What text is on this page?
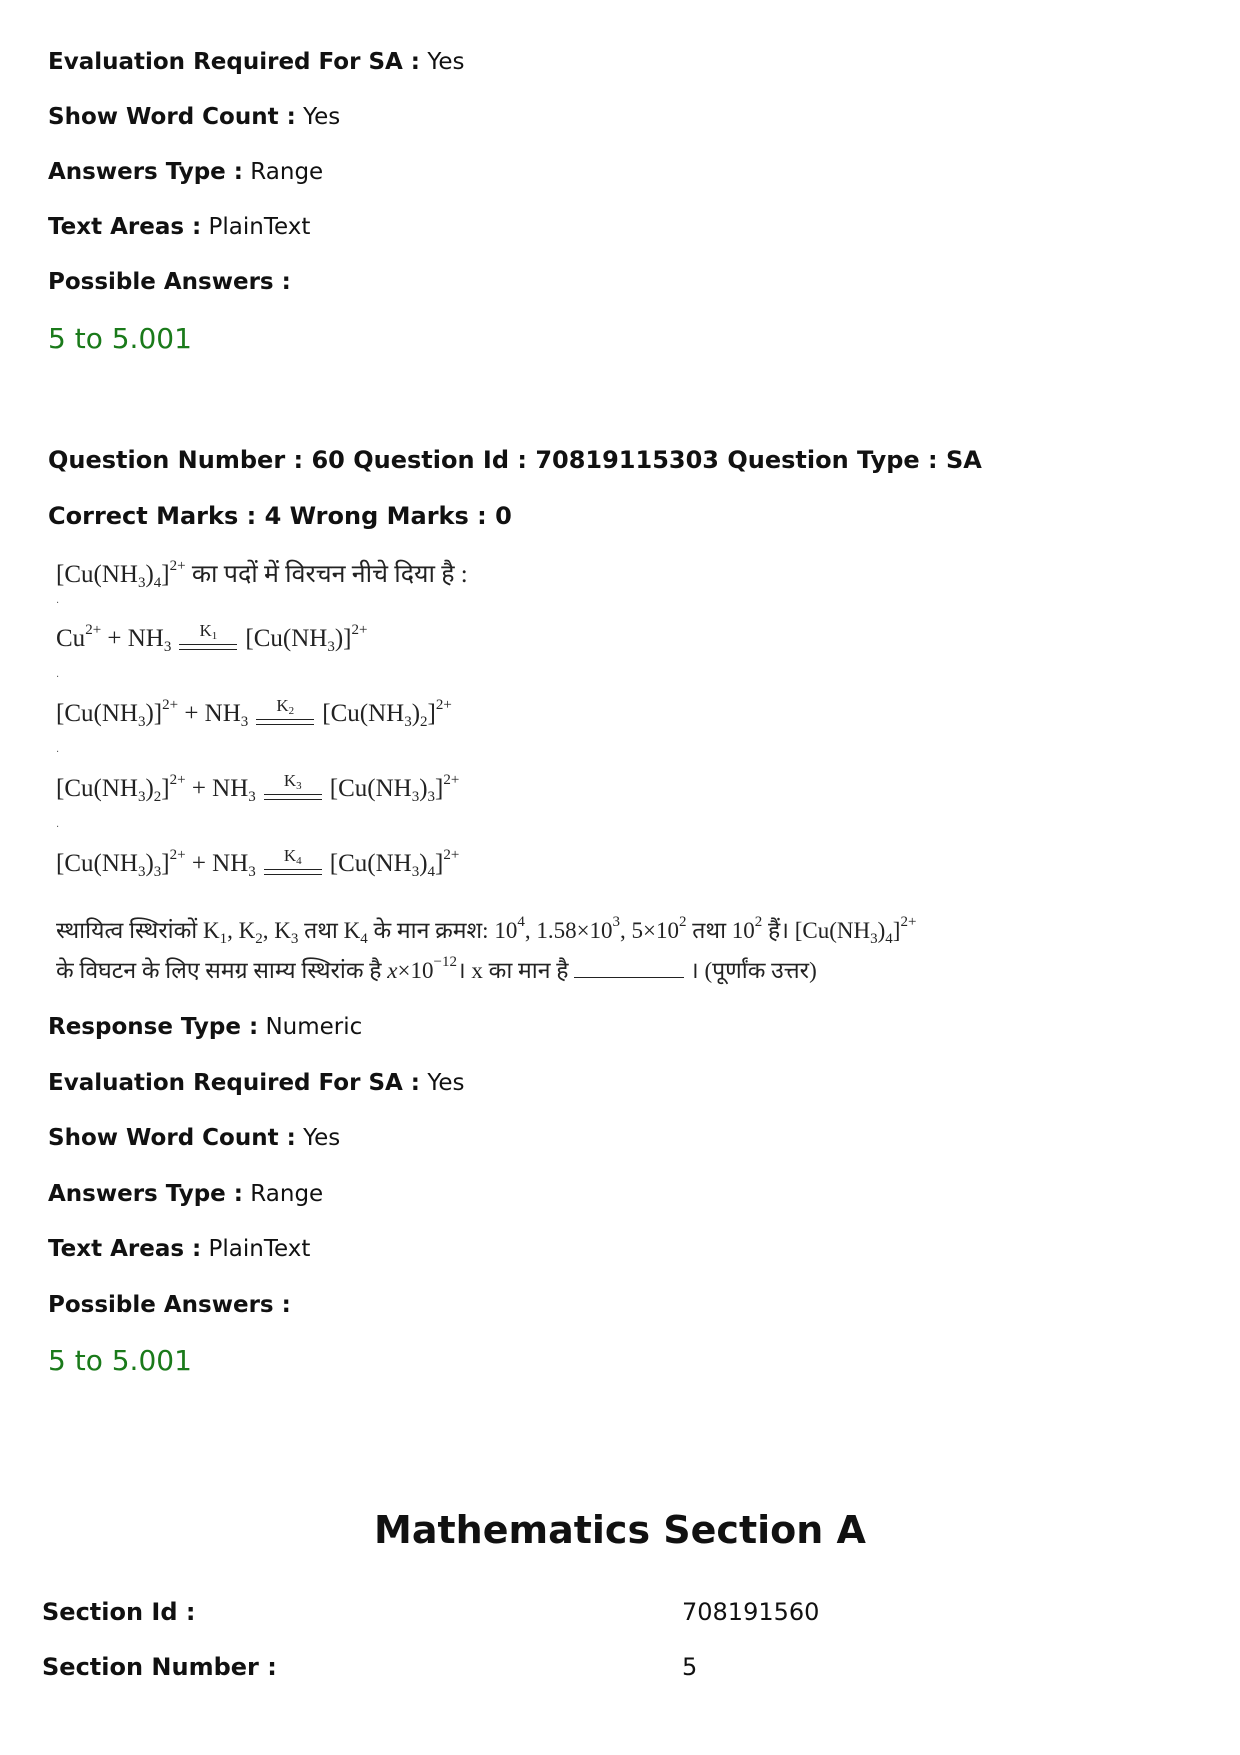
Evaluation Required For SA : Yes
Show Word Count : Yes
Answers Type : Range
Text Areas : PlainText
Possible Answers :
5 to 5.001
Question Number : 60 Question Id : 70819115303 Question Type : SA
Correct Marks : 4 Wrong Marks : 0
$[Cu(NH_3)_4]^{2+}$ का पदों में विरचन नीचे दिया है :
·
$Cu^{2+} + NH_3$
$K_1$	$[Cu(NH_3)]^{2+}$
·
$[Cu(NH_3)]^{2+} + NH_3$
$K_2$	$[Cu(NH_3)_2]^{2+}$
·
$[Cu(NH_3)_2]^{2+} + NH_3$
$K_3$	$[Cu(NH_3)_3]^{2+}$
·
$[Cu(NH_3)_3]^{2+} + NH_3$
$K_4$	$[Cu(NH_3)_4]^{2+}$
स्थायित्व स्थिरांकों $K_1$, $K_2$, $K_3$ तथा $K_4$ के मान क्रमश: $10^4$, $1.58\times 10^3$, $5\times 10^2$ तथा $10^2$ हैं। $[Cu(NH_3)_4]^{2+}$
के विघटन के लिए समग्र साम्य स्थिरांक है $x\times 10^{-12}।$ x का मान है	। (पूर्णांक उत्तर)
Response Type : Numeric
Evaluation Required For SA : Yes
Show Word Count : Yes
Answers Type : Range
Text Areas : PlainText
Possible Answers :
5 to 5.001
Mathematics Section A
Section Id :	708191560
Section Number :	5
